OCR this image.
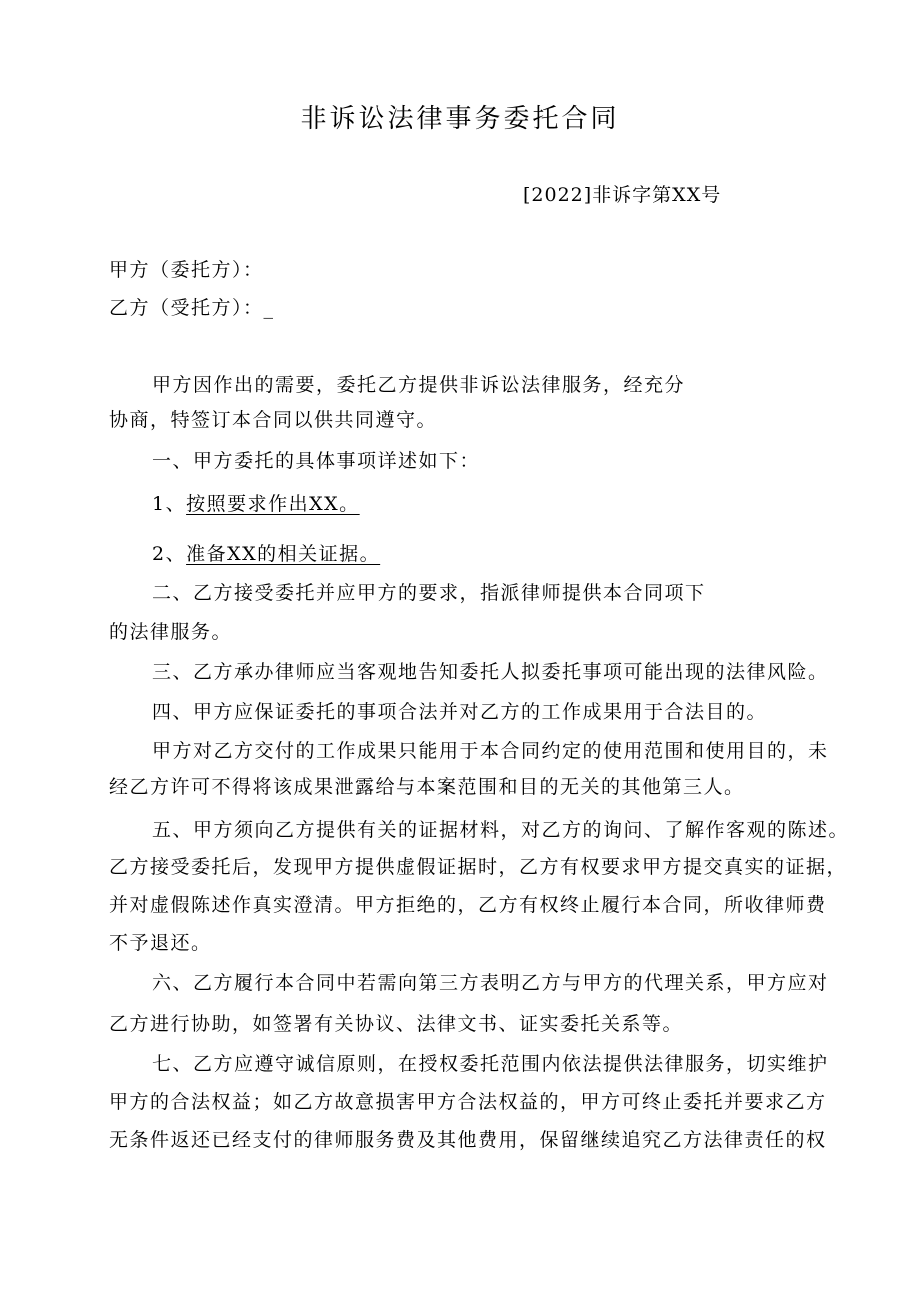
非诉讼法律事务委托合同
[2022]非诉字第XX号
甲方（委托方）：
乙方（受托方）：_
甲方因作出的需要，委托乙方提供非诉讼法律服务，经充分
协商，特签订本合同以供共同遵守。
一、甲方委托的具体事项详述如下：
1、按照要求作出XX。
2、准备XX的相关证据。
二、乙方接受委托并应甲方的要求，指派律师提供本合同项下
的法律服务。
三、乙方承办律师应当客观地告知委托人拟委托事项可能出现的法律风险。
四、甲方应保证委托的事项合法并对乙方的工作成果用于合法目的。
甲方对乙方交付的工作成果只能用于本合同约定的使用范围和使用目的，未
经乙方许可不得将该成果泄露给与本案范围和目的无关的其他第三人。
五、甲方须向乙方提供有关的证据材料，对乙方的询问、了解作客观的陈述。
乙方接受委托后，发现甲方提供虚假证据时，乙方有权要求甲方提交真实的证据，
并对虚假陈述作真实澄清。甲方拒绝的，乙方有权终止履行本合同，所收律师费
不予退还。
六、乙方履行本合同中若需向第三方表明乙方与甲方的代理关系，甲方应对
乙方进行协助，如签署有关协议、法律文书、证实委托关系等。
七、乙方应遵守诚信原则，在授权委托范围内依法提供法律服务，切实维护
甲方的合法权益；如乙方故意损害甲方合法权益的，甲方可终止委托并要求乙方
无条件返还已经支付的律师服务费及其他费用，保留继续追究乙方法律责任的权
